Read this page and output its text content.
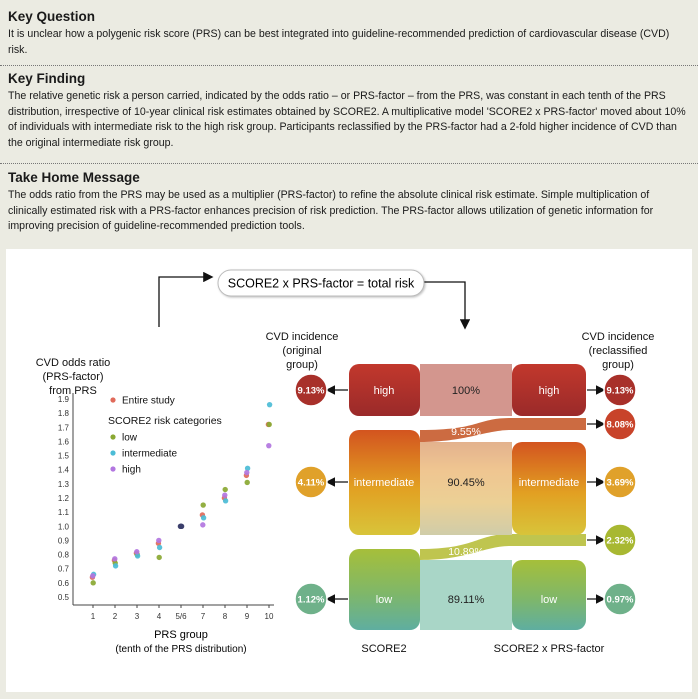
Key Question

It is unclear how a polygenic risk score (PRS) can be best integrated into guideline-recommended prediction of cardiovascular disease (CVD) risk.

Key Finding

The relative genetic risk a person carried, indicated by the odds ratio – or PRS-factor – from the PRS, was constant in each tenth of the PRS distribution, irrespective of 10-year clinical risk estimates obtained by SCORE2. A multiplicative model 'SCORE2 x PRS-factor' moved about 10% of individuals with intermediate risk to the high risk group. Participants reclassified by the PRS-factor had a 2-fold higher incidence of CVD than the original intermediate risk group.

Take Home Message

The odds ratio from the PRS may be used as a multiplier (PRS-factor) to refine the absolute clinical risk estimate. Simple multiplication of clinically estimated risk with a PRS-factor enhances precision of risk prediction. The PRS-factor allows utilization of genetic information for improving precision of guideline-recommended prediction tools.

SCORE2 x PRS-factor = total risk
CVD odds ratio
(PRS-factor)
from PRS
CVD incidence
(original
group)
CVD incidence
(reclassified
group)
0.5
0.6
0.7
0.8
0.9
1.0
1.1
1.2
1.3
1.4
1.5
1.6
1.7
1.8
1.9
1 2 3 4 5/6 7 8 9 10
PRS group
(tenth of the PRS distribution)
Entire study
SCORE2 risk categories
low
intermediate
high
high	high
intermediate	intermediate
low	low
9.55%
10.89%
100%
90.45%
89.11%
9.13%
4.11%
1.12%
9.13%
8.08%
3.69%
2.32%
0.97%
SCORE2	SCORE2 x PRS-factor
